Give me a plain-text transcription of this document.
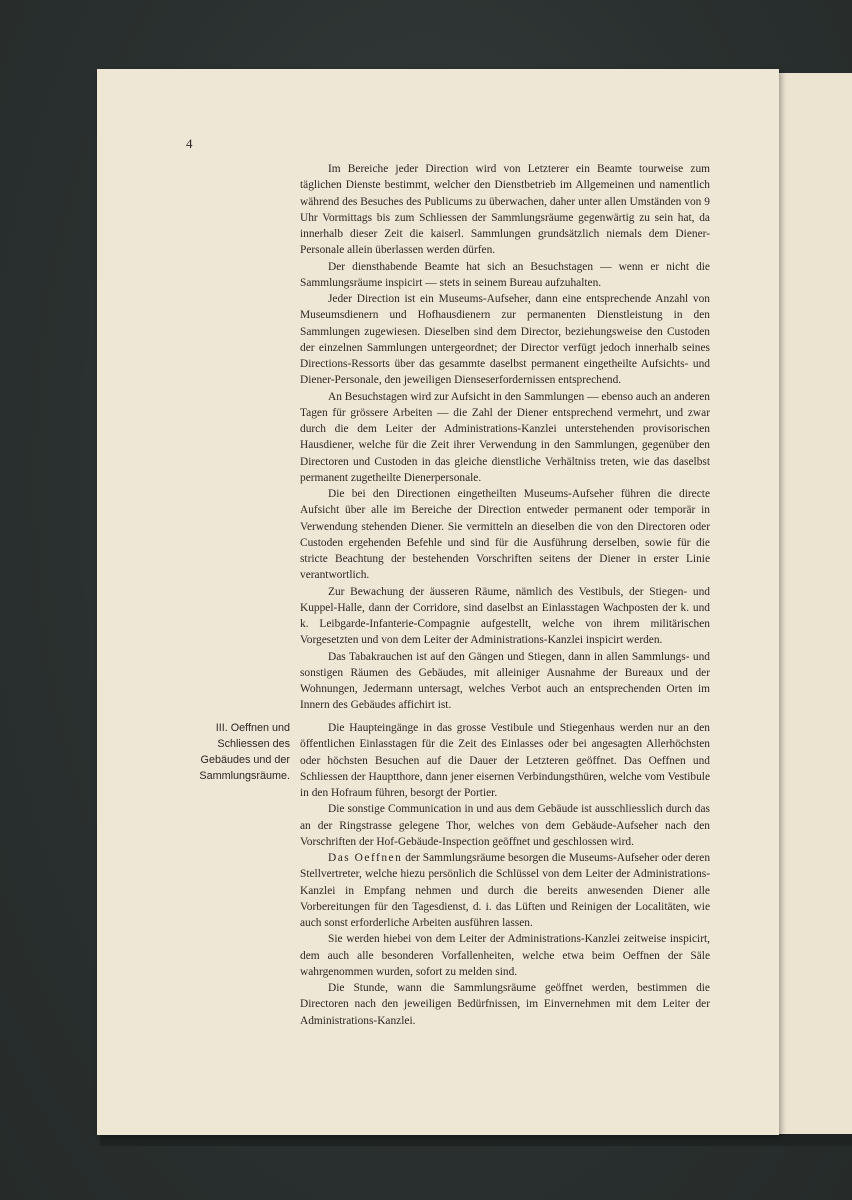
4

Im Bereiche jeder Direction wird von Letzterer ein Beamte tourweise zum täglichen Dienste bestimmt, welcher den Dienstbetrieb im Allgemeinen und namentlich während des Besuches des Publicums zu überwachen, daher unter allen Umständen von 9 Uhr Vormittags bis zum Schliessen der Sammlungsräume gegenwärtig zu sein hat, da innerhalb dieser Zeit die kaiserl. Sammlungen grundsätzlich niemals dem Diener-Personale allein überlassen werden dürfen.

Der diensthabende Beamte hat sich an Besuchstagen — wenn er nicht die Sammlungsräume inspicirt — stets in seinem Bureau aufzuhalten.

Jeder Direction ist ein Museums-Aufseher, dann eine entsprechende Anzahl von Museumsdienern und Hofhausdienern zur permanenten Dienstleistung in den Sammlungen zugewiesen. Dieselben sind dem Director, beziehungsweise den Custoden der einzelnen Sammlungen untergeordnet; der Director verfügt jedoch innerhalb seines Directions-Ressorts über das gesammte daselbst permanent eingetheilte Aufsichts- und Diener-Personale, den jeweiligen Dienseserfordernissen entsprechend.

An Besuchstagen wird zur Aufsicht in den Sammlungen — ebenso auch an anderen Tagen für grössere Arbeiten — die Zahl der Diener entsprechend vermehrt, und zwar durch die dem Leiter der Administrations-Kanzlei unterstehenden provisorischen Hausdiener, welche für die Zeit ihrer Verwendung in den Sammlungen, gegenüber den Directoren und Custoden in das gleiche dienstliche Verhältniss treten, wie das daselbst permanent zugetheilte Dienerpersonale.

Die bei den Directionen eingetheilten Museums-Aufseher führen die directe Aufsicht über alle im Bereiche der Direction entweder permanent oder temporär in Verwendung stehenden Diener. Sie vermitteln an dieselben die von den Directoren oder Custoden ergehenden Befehle und sind für die Ausführung derselben, sowie für die stricte Beachtung der bestehenden Vorschriften seitens der Diener in erster Linie verantwortlich.

Zur Bewachung der äusseren Räume, nämlich des Vestibuls, der Stiegen- und Kuppel-Halle, dann der Corridore, sind daselbst an Einlasstagen Wachposten der k. und k. Leibgarde-Infanterie-Compagnie aufgestellt, welche von ihrem militärischen Vorgesetzten und von dem Leiter der Administrations-Kanzlei inspicirt werden.

Das Tabakrauchen ist auf den Gängen und Stiegen, dann in allen Sammlungs- und sonstigen Räumen des Gebäudes, mit alleiniger Ausnahme der Bureaux und der Wohnungen, Jedermann untersagt, welches Verbot auch an entsprechenden Orten im Innern des Gebäudes affichirt ist.

III. Oeffnen und Schliessen des Gebäudes und der Sammlungsräume.

Die Haupteingänge in das grosse Vestibule und Stiegenhaus werden nur an den öffentlichen Einlasstagen für die Zeit des Einlasses oder bei angesagten Allerhöchsten oder höchsten Besuchen auf die Dauer der Letzteren geöffnet. Das Oeffnen und Schliessen der Hauptthore, dann jener eisernen Verbindungsthüren, welche vom Vestibule in den Hofraum führen, besorgt der Portier.

Die sonstige Communication in und aus dem Gebäude ist ausschliesslich durch das an der Ringstrasse gelegene Thor, welches von dem Gebäude-Aufseher nach den Vorschriften der Hof-Gebäude-Inspection geöffnet und geschlossen wird.

Das Oeffnen der Sammlungsräume besorgen die Museums-Aufseher oder deren Stellvertreter, welche hiezu persönlich die Schlüssel von dem Leiter der Administrations-Kanzlei in Empfang nehmen und durch die bereits anwesenden Diener alle Vorbereitungen für den Tagesdienst, d. i. das Lüften und Reinigen der Localitäten, wie auch sonst erforderliche Arbeiten ausführen lassen.

Sie werden hiebei von dem Leiter der Administrations-Kanzlei zeitweise inspicirt, dem auch alle besonderen Vorfallenheiten, welche etwa beim Oeffnen der Säle wahrgenommen wurden, sofort zu melden sind.

Die Stunde, wann die Sammlungsräume geöffnet werden, bestimmen die Directoren nach den jeweiligen Bedürfnissen, im Einvernehmen mit dem Leiter der Administrations-Kanzlei.
